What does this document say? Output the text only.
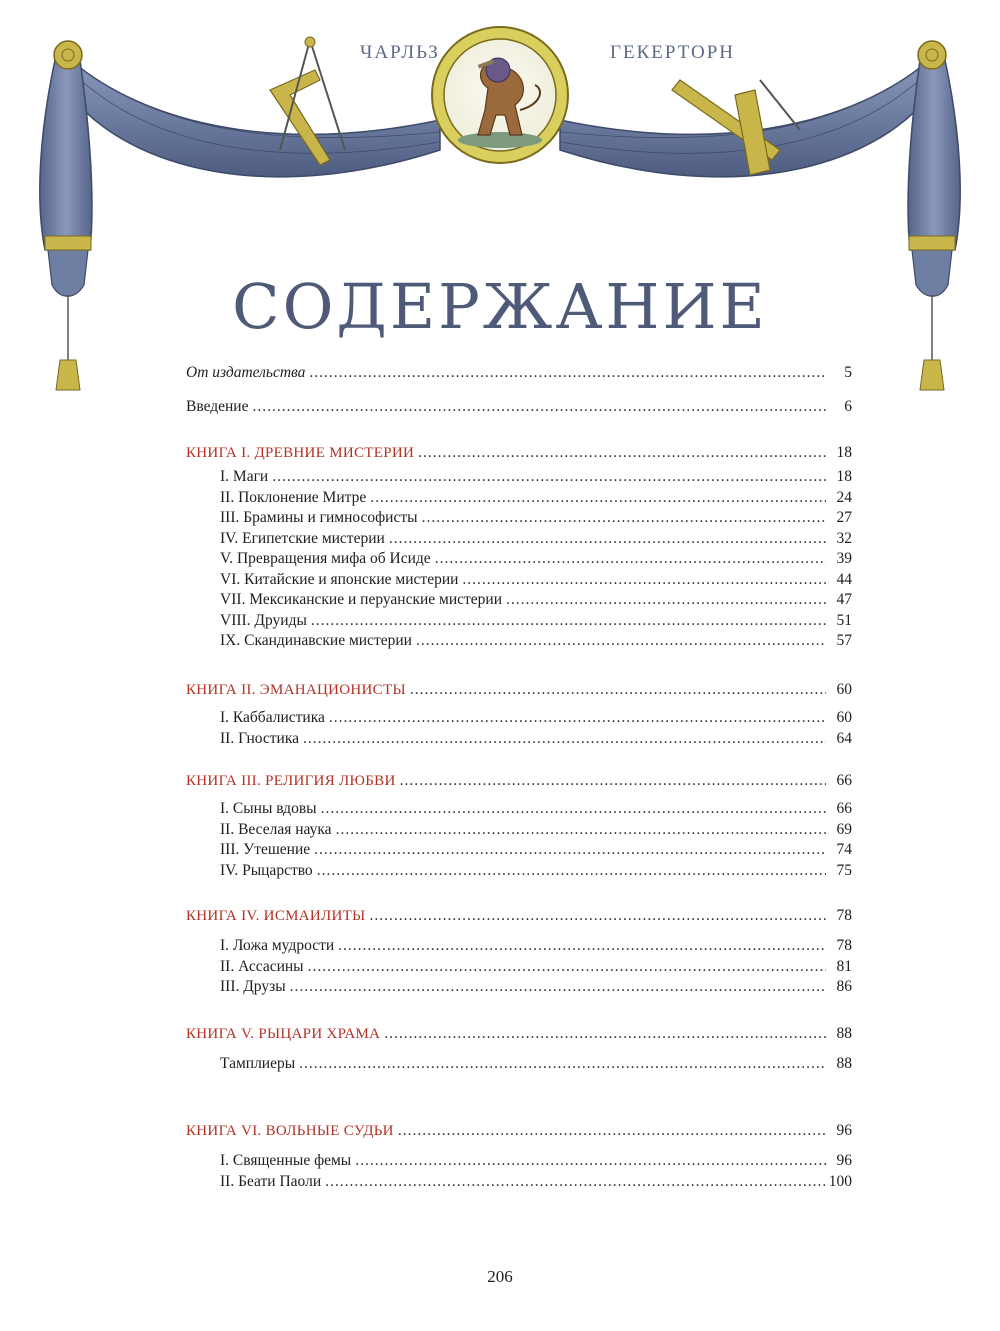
ЧАРЛЬЗ	ГЕКЕРТОРН
СОДЕРЖАНИЕ
От издательства .....	5
Введение .....	6
КНИГА I. ДРЕВНИЕ МИСТЕРИИ .....	18
I. Маги .....	18
II. Поклонение Митре .....	24
III. Брамины и гимнософисты .....	27
IV. Египетские мистерии .....	32
V. Превращения мифа об Исиде .....	39
VI. Китайские и японские мистерии .....	44
VII. Мексиканские и перуанские мистерии .....	47
VIII. Друиды .....	51
IX. Скандинавские мистерии .....	57
КНИГА II. ЭМАНАЦИОНИСТЫ .....	60
I. Каббалистика .....	60
II. Гностика .....	64
КНИГА III. РЕЛИГИЯ ЛЮБВИ .....	66
I. Сыны вдовы .....	66
II. Веселая наука .....	69
III. Утешение .....	74
IV. Рыцарство .....	75
КНИГА IV. ИСМАИЛИТЫ .....	78
I. Ложа мудрости .....	78
II. Ассасины .....	81
III. Друзы .....	86
КНИГА V. РЫЦАРИ ХРАМА .....	88
Тамплиеры .....	88
КНИГА VI. ВОЛЬНЫЕ СУДЬИ .....	96
I. Священные фемы .....	96
II. Беати Паоли .....	100
206
